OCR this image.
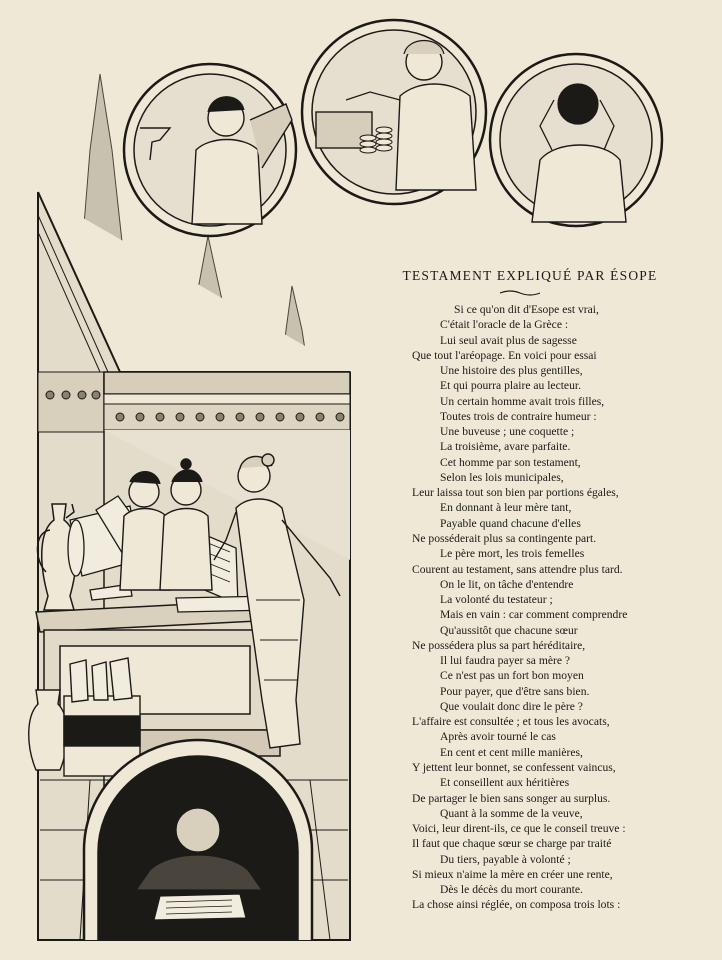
TESTAMENT EXPLIQUÉ PAR ÉSOPE
Si ce qu'on dit d'Esope est vrai,
C'était l'oracle de la Grèce :
Lui seul avait plus de sagesse
Que tout l'aréopage. En voici pour essai
Une histoire des plus gentilles,
Et qui pourra plaire au lecteur.
Un certain homme avait trois filles,
Toutes trois de contraire humeur :
Une buveuse ; une coquette ;
La troisième, avare parfaite.
Cet homme par son testament,
Selon les lois municipales,
Leur laissa tout son bien par portions égales,
En donnant à leur mère tant,
Payable quand chacune d'elles
Ne posséderait plus sa contingente part.
Le père mort, les trois femelles
Courent au testament, sans attendre plus tard.
On le lit, on tâche d'entendre
La volonté du testateur ;
Mais en vain : car comment comprendre
Qu'aussitôt que chacune sœur
Ne possédera plus sa part héréditaire,
Il lui faudra payer sa mère ?
Ce n'est pas un fort bon moyen
Pour payer, que d'être sans bien.
Que voulait donc dire le père ?
L'affaire est consultée ; et tous les avocats,
Après avoir tourné le cas
En cent et cent mille manières,
Y jettent leur bonnet, se confessent vaincus,
Et conseillent aux héritières
De partager le bien sans songer au surplus.
Quant à la somme de la veuve,
Voici, leur dirent-ils, ce que le conseil treuve :
Il faut que chaque sœur se charge par traité
Du tiers, payable à volonté ;
Si mieux n'aime la mère en créer une rente,
Dès le décès du mort courante.
La chose ainsi réglée, on composa trois lots :
